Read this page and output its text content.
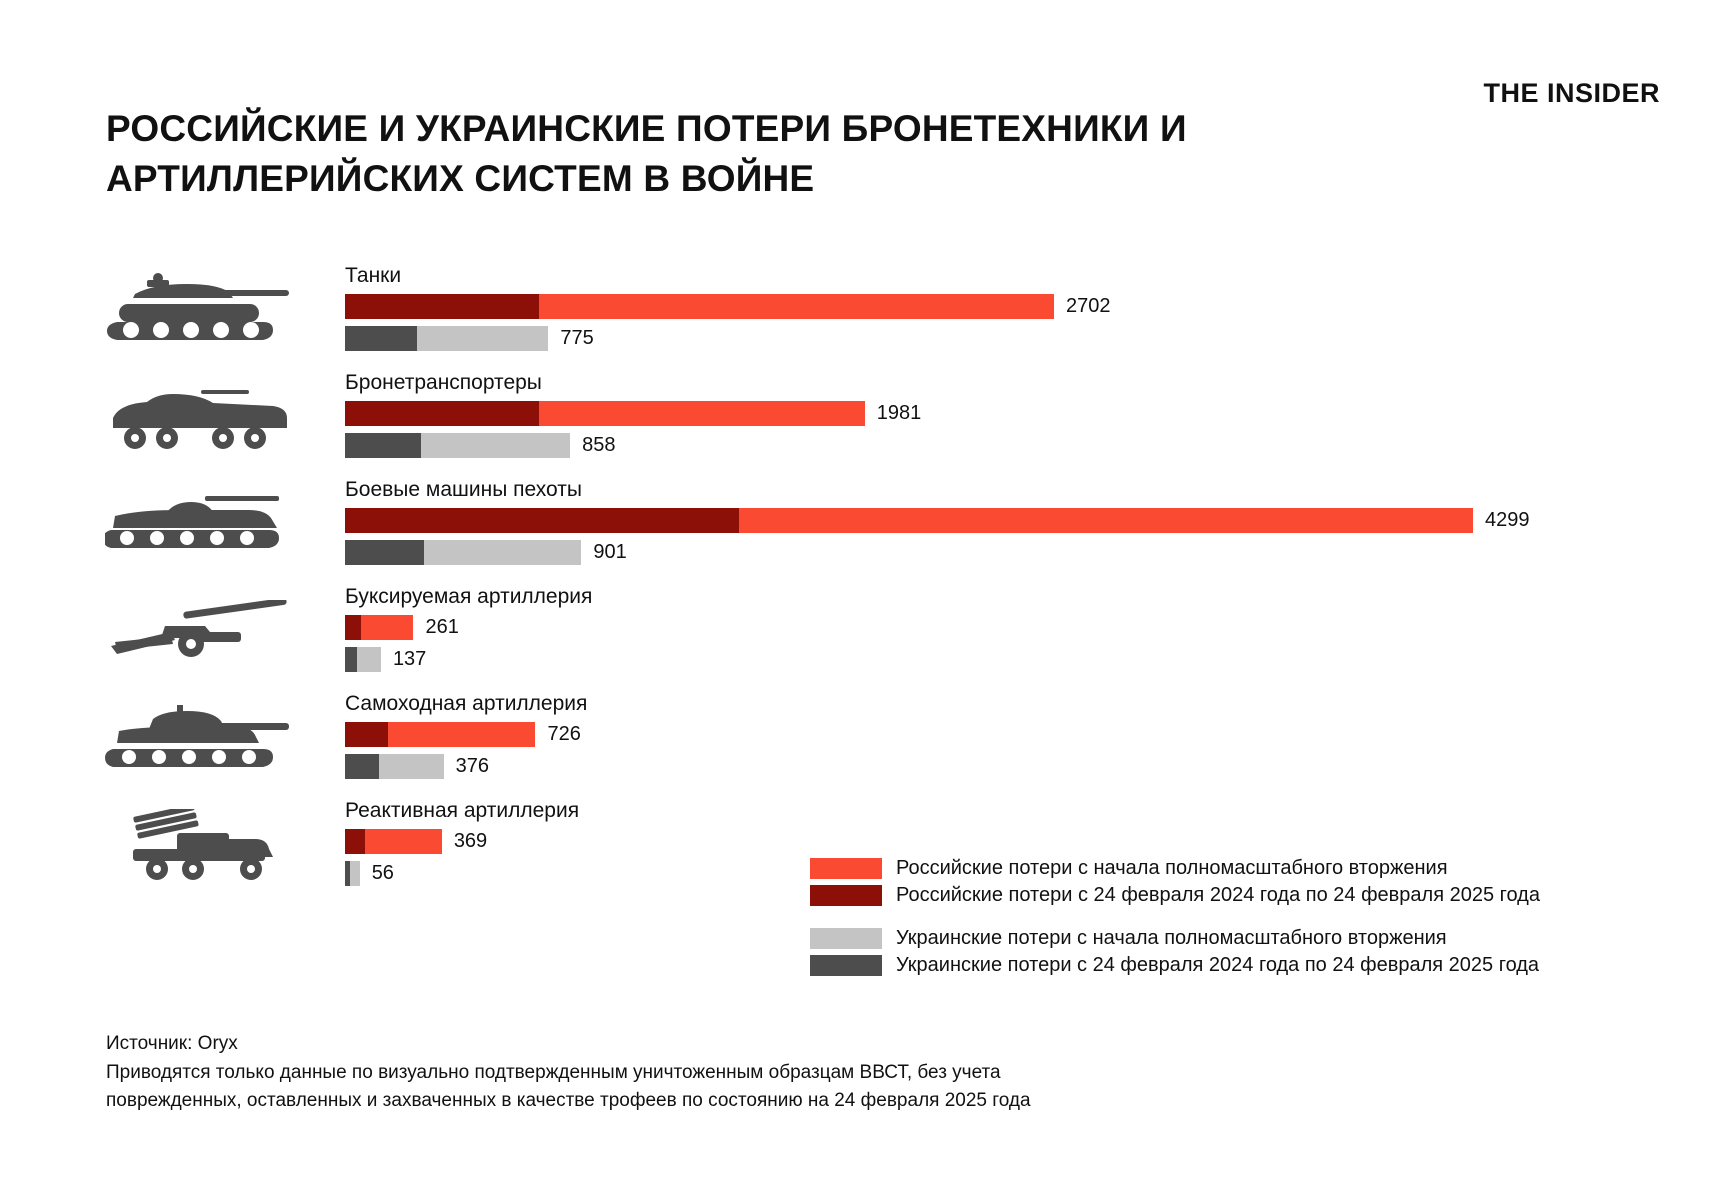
THE INSIDER
РОССИЙСКИЕ И УКРАИНСКИЕ ПОТЕРИ БРОНЕТЕХНИКИ И АРТИЛЛЕРИЙСКИХ СИСТЕМ В ВОЙНЕ
Танки
2702
775
Бронетранспортеры
1981
858
Боевые машины пехоты
4299
901
Буксируемая артиллерия
261
137
Самоходная артиллерия
726
376
Реактивная артиллерия
369
56	Российские потери с начала полномасштабного вторжения
Российские потери с 24 февраля 2024 года по 24 февраля 2025 года
Украинские потери с начала полномасштабного вторжения
Украинские потери с 24 февраля 2024 года по 24 февраля 2025 года
Источник: Oryx
Приводятся только данные по визуально подтвержденным уничтоженным образцам ВВСТ, без учета
поврежденных, оставленных и захваченных в качестве трофеев по состоянию на 24 февраля 2025 года
